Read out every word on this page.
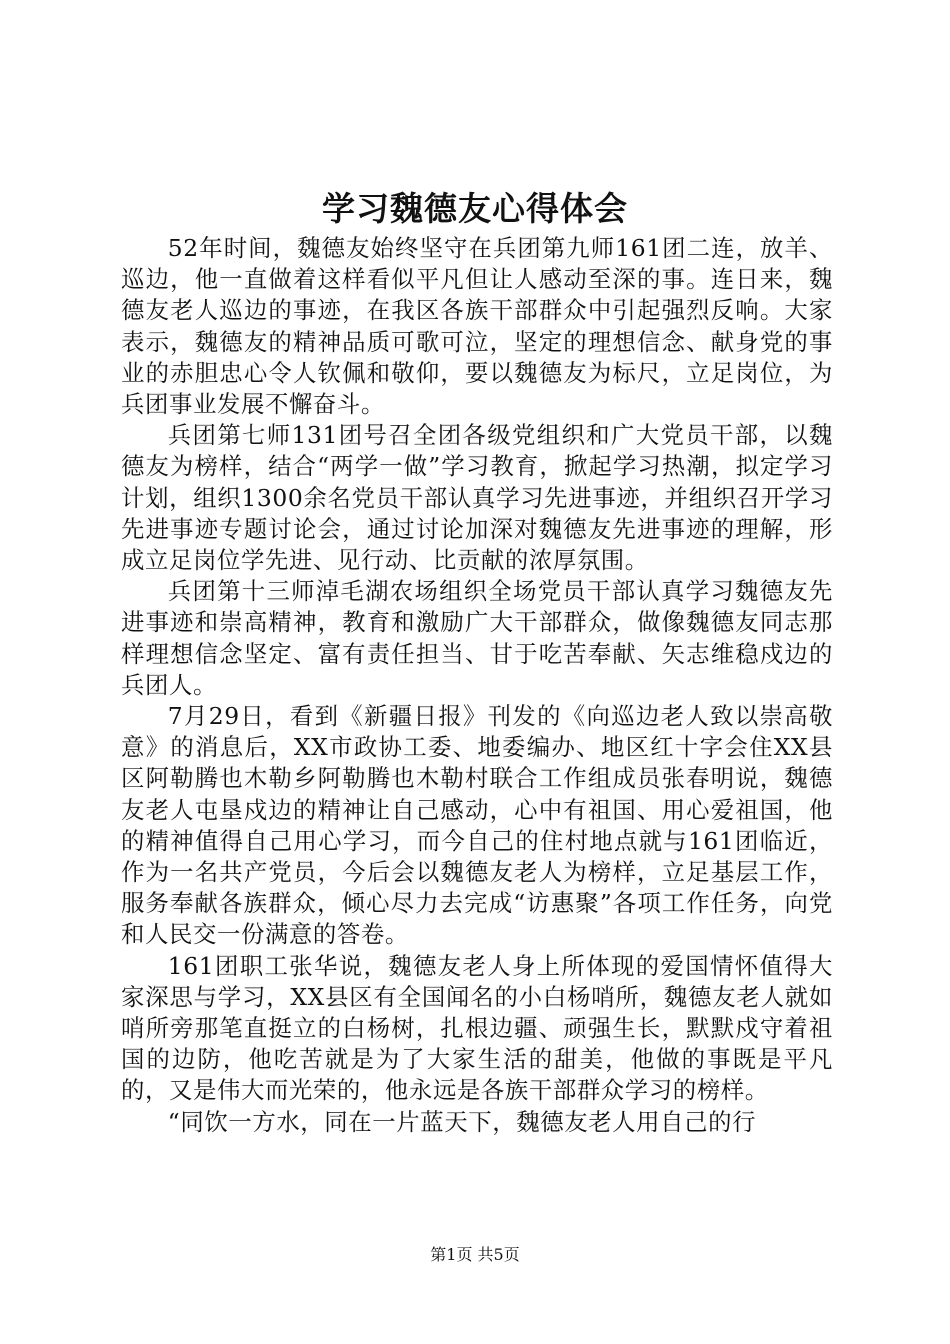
学习魏德友心得体会

52年时间，魏德友始终坚守在兵团第九师161团二连，放羊、巡边，他一直做着这样看似平凡但让人感动至深的事。连日来，魏德友老人巡边的事迹，在我区各族干部群众中引起强烈反响。大家表示，魏德友的精神品质可歌可泣，坚定的理想信念、献身党的事业的赤胆忠心令人钦佩和敬仰，要以魏德友为标尺，立足岗位，为兵团事业发展不懈奋斗。

兵团第七师131团号召全团各级党组织和广大党员干部，以魏德友为榜样，结合“两学一做”学习教育，掀起学习热潮，拟定学习计划，组织1300余名党员干部认真学习先进事迹，并组织召开学习先进事迹专题讨论会，通过讨论加深对魏德友先进事迹的理解，形成立足岗位学先进、见行动、比贡献的浓厚氛围。

兵团第十三师淖毛湖农场组织全场党员干部认真学习魏德友先进事迹和崇高精神，教育和激励广大干部群众，做像魏德友同志那样理想信念坚定、富有责任担当、甘于吃苦奉献、矢志维稳戍边的兵团人。

7月29日，看到《新疆日报》刊发的《向巡边老人致以崇高敬意》的消息后，XX市政协工委、地委编办、地区红十字会住XX县区阿勒腾也木勒乡阿勒腾也木勒村联合工作组成员张春明说，魏德友老人屯垦戍边的精神让自己感动，心中有祖国、用心爱祖国，他的精神值得自己用心学习，而今自己的住村地点就与161团临近，作为一名共产党员，今后会以魏德友老人为榜样，立足基层工作，服务奉献各族群众，倾心尽力去完成“访惠聚”各项工作任务，向党和人民交一份满意的答卷。

161团职工张华说，魏德友老人身上所体现的爱国情怀值得大家深思与学习，XX县区有全国闻名的小白杨哨所，魏德友老人就如哨所旁那笔直挺立的白杨树，扎根边疆、顽强生长，默默戍守着祖国的边防，他吃苦就是为了大家生活的甜美，他做的事既是平凡的，又是伟大而光荣的，他永远是各族干部群众学习的榜样。

“同饮一方水，同在一片蓝天下，魏德友老人用自己的行

第1页 共5页
